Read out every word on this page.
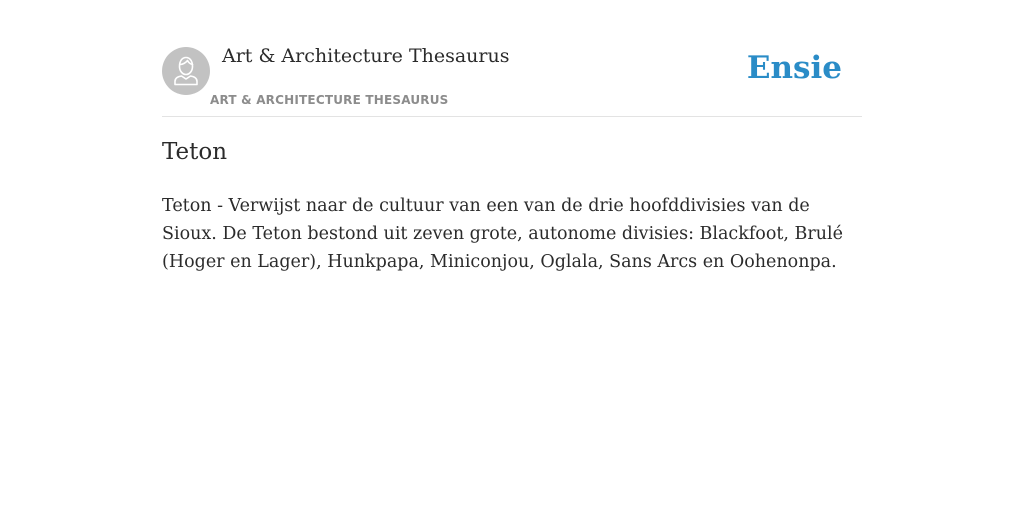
Art & Architecture Thesaurus
ART & ARCHITECTURE THESAURUS
Ensie
Teton
Teton - Verwijst naar de cultuur van een van de drie hoofddivisies van de Sioux. De Teton bestond uit zeven grote, autonome divisies: Blackfoot, Brulé (Hoger en Lager), Hunkpapa, Miniconjou, Oglala, Sans Arcs en Oohenonpa.
